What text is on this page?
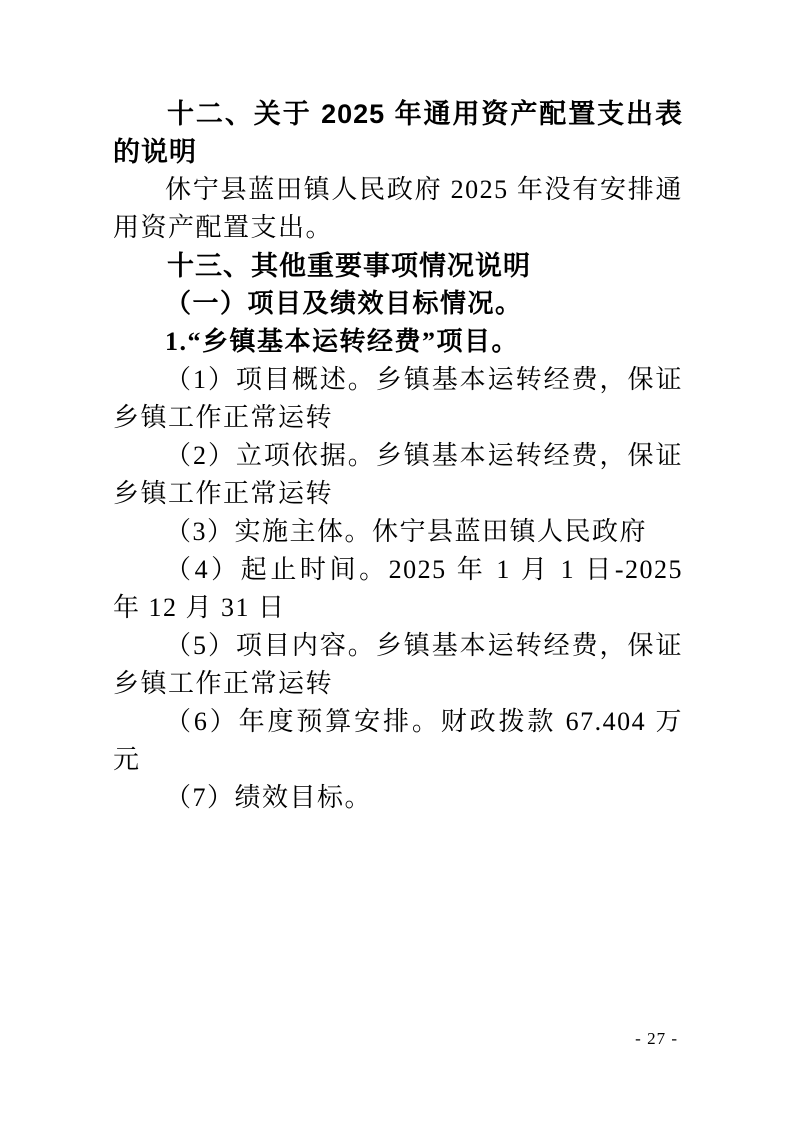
十二、关于 2025 年通用资产配置支出表的说明

休宁县蓝田镇人民政府 2025 年没有安排通用资产配置支出。

十三、其他重要事项情况说明

（一）项目及绩效目标情况。

1.“乡镇基本运转经费”项目。

（1）项目概述。乡镇基本运转经费，保证乡镇工作正常运转

（2）立项依据。乡镇基本运转经费，保证乡镇工作正常运转

（3）实施主体。休宁县蓝田镇人民政府

（4）起止时间。2025 年 1 月 1 日-2025 年 12 月 31 日

（5）项目内容。乡镇基本运转经费，保证乡镇工作正常运转

（6）年度预算安排。财政拨款 67.404 万元

（7）绩效目标。

- 27 -
